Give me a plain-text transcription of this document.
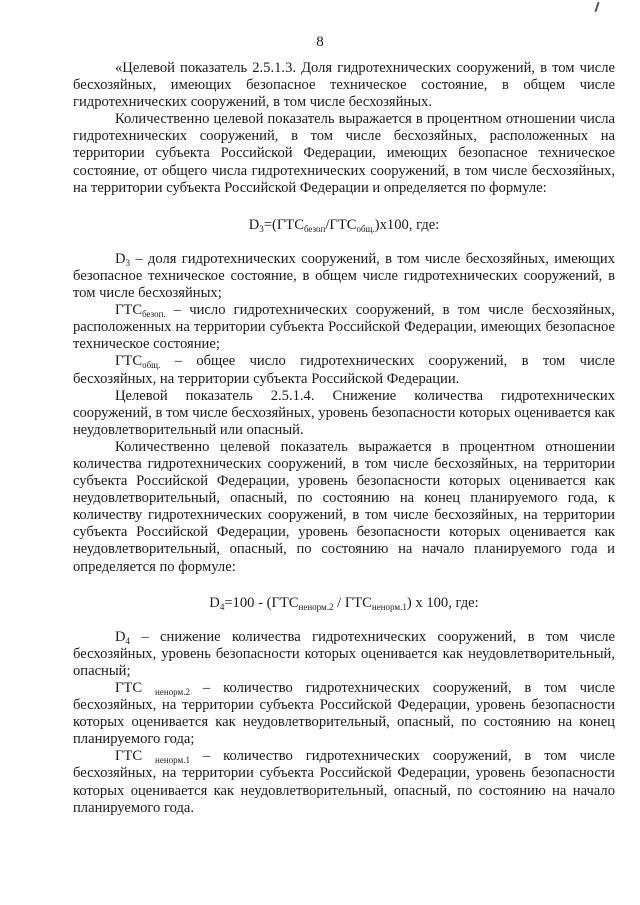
8

«Целевой показатель 2.5.1.3. Доля гидротехнических сооружений, в том числе бесхозяйных, имеющих безопасное техническое состояние, в общем числе гидротехнических сооружений, в том числе бесхозяйных.

Количественно целевой показатель выражается в процентном отношении числа гидротехнических сооружений, в том числе бесхозяйных, расположенных на территории субъекта Российской Федерации, имеющих безопасное техническое состояние, от общего числа гидротехнических сооружений, в том числе бесхозяйных, на территории субъекта Российской Федерации и определяется по формуле:

$D_3=(ГТС_{безоп}/ГТС_{общ.})х100$, где:

$D_3$ – доля гидротехнических сооружений, в том числе бесхозяйных, имеющих безопасное техническое состояние, в общем числе гидротехнических сооружений, в том числе бесхозяйных;

$ГТС_{безоп.}$ – число гидротехнических сооружений, в том числе бесхозяйных, расположенных на территории субъекта Российской Федерации, имеющих безопасное техническое состояние;

$ГТС_{общ.}$ – общее число гидротехнических сооружений, в том числе бесхозяйных, на территории субъекта Российской Федерации.

Целевой показатель 2.5.1.4. Снижение количества гидротехнических сооружений, в том числе бесхозяйных, уровень безопасности которых оценивается как неудовлетворительный или опасный.

Количественно целевой показатель выражается в процентном отношении количества гидротехнических сооружений, в том числе бесхозяйных, на территории субъекта Российской Федерации, уровень безопасности которых оценивается как неудовлетворительный, опасный, по состоянию на конец планируемого года, к количеству гидротехнических сооружений, в том числе бесхозяйных, на территории субъекта Российской Федерации, уровень безопасности которых оценивается как неудовлетворительный, опасный, по состоянию на начало планируемого года и определяется по формуле:

$D_4=100 - (ГТС_{ненорм.2} / ГТС_{ненорм.1})$ х 100, где:

$D_4$ – снижение количества гидротехнических сооружений, в том числе бесхозяйных, уровень безопасности которых оценивается как неудовлетворительный, опасный;

ГТС $_{ненорм.2}$ – количество гидротехнических сооружений, в том числе бесхозяйных, на территории субъекта Российской Федерации, уровень безопасности которых оценивается как неудовлетворительный, опасный, по состоянию на конец планируемого года;

ГТС $_{ненорм.1}$ – количество гидротехнических сооружений, в том числе бесхозяйных, на территории субъекта Российской Федерации, уровень безопасности которых оценивается как неудовлетворительный, опасный, по состоянию на начало планируемого года.
